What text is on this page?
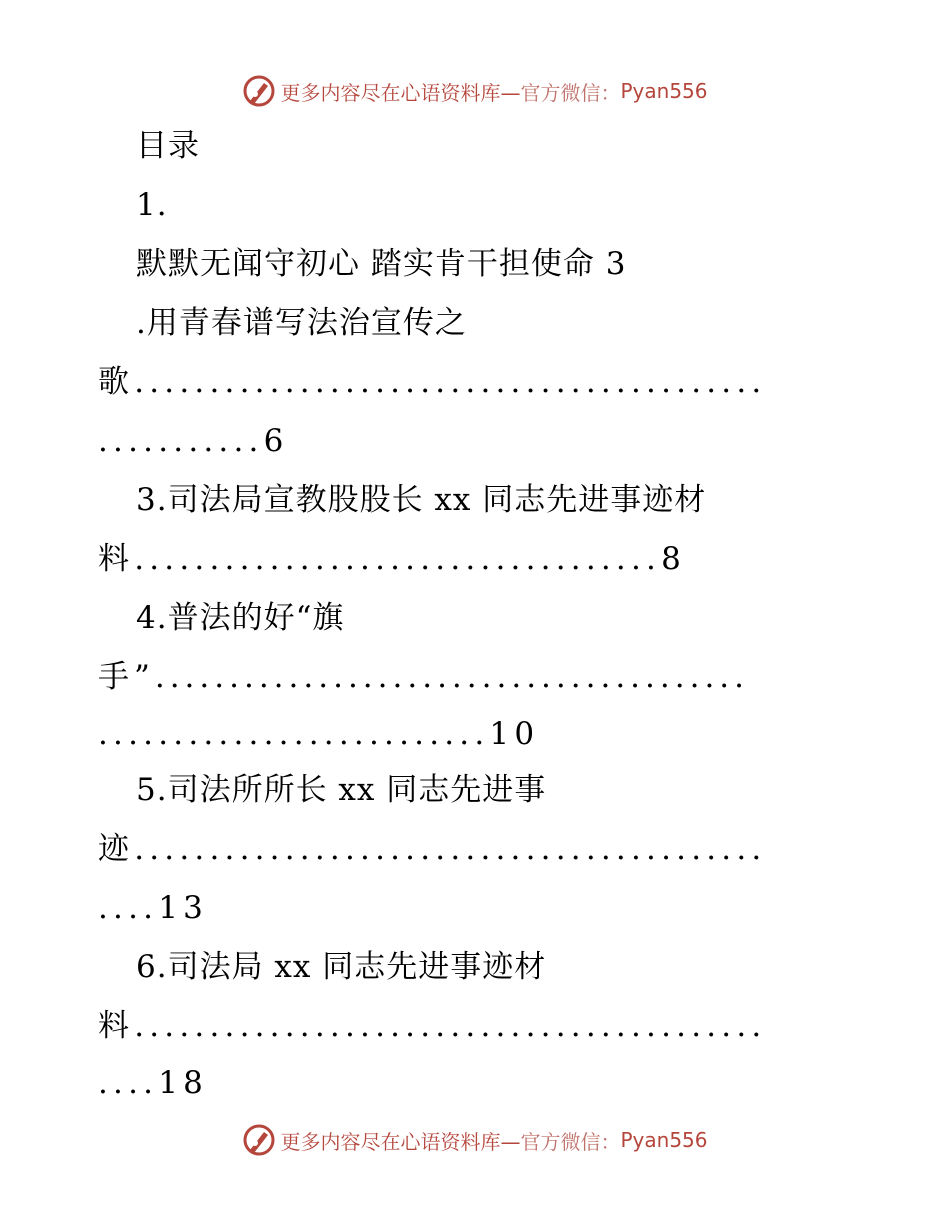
更多内容尽在心语资料库— 官方微信： Pyan556
目录
1.
默默无闻守初心 踏实肯干担使命 3
.用青春谱写法治宣传之
歌..........................................
...........6
3.司法局宣教股股长 xx 同志先进事迹材
料...................................8
4.普法的好“旗
手”........................................
..........................10
5.司法所所长 xx 同志先进事
迹..........................................
....13
6.司法局 xx 同志先进事迹材
料..........................................
....18
更多内容尽在心语资料库— 官方微信： Pyan556
